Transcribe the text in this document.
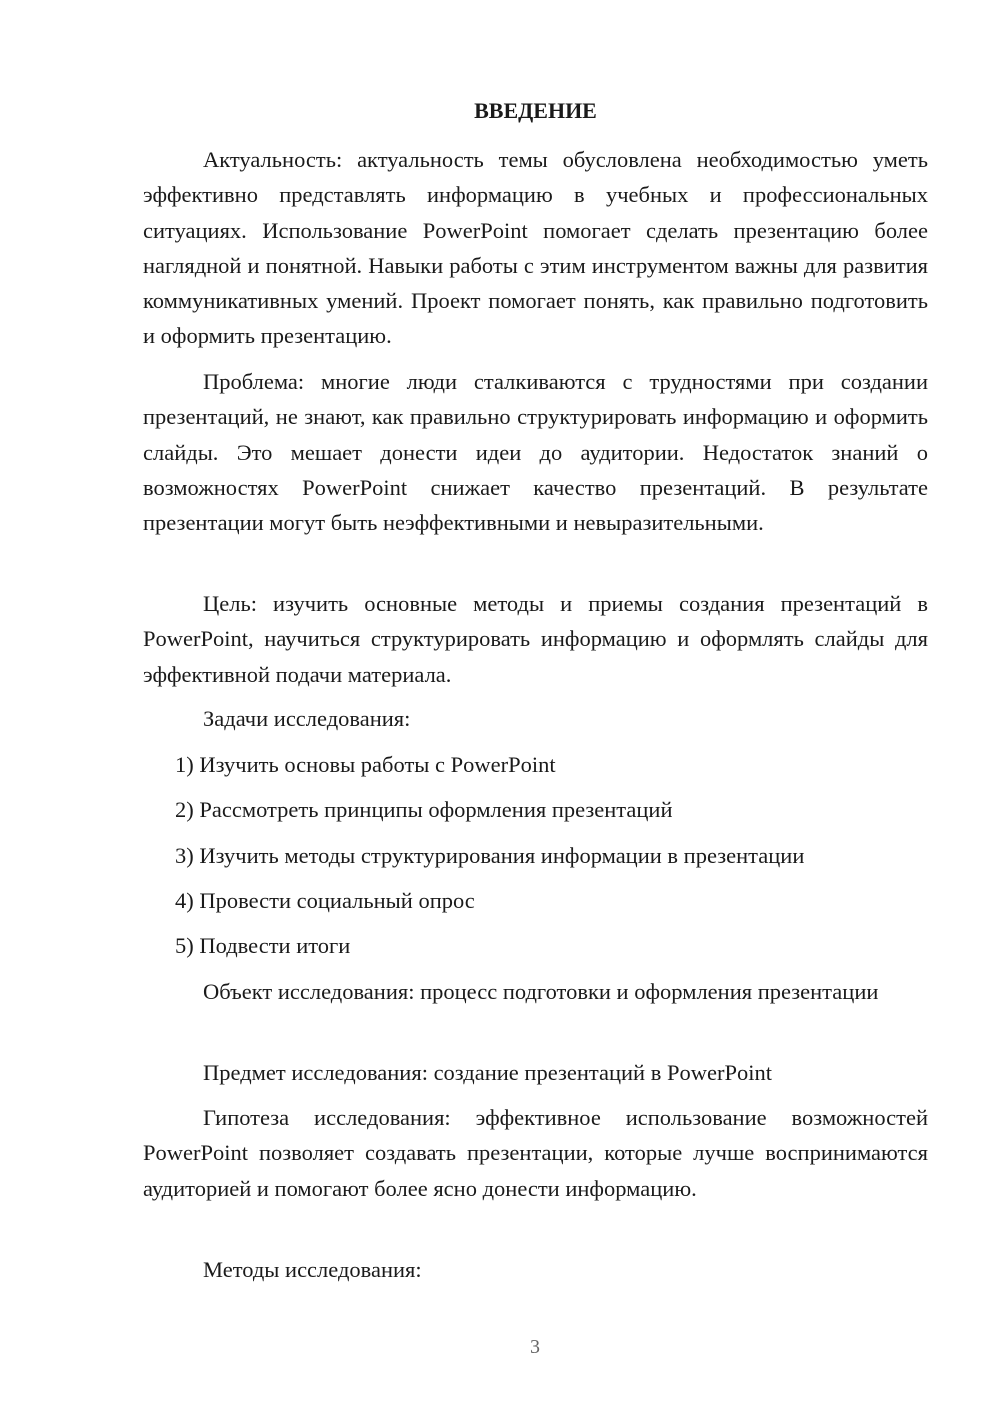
ВВЕДЕНИЕ

Актуальность: актуальность темы обусловлена необходимостью уметь эффективно представлять информацию в учебных и профессиональных ситуациях. Использование PowerPoint помогает сделать презентацию более наглядной и понятной. Навыки работы с этим инструментом важны для развития коммуникативных умений. Проект помогает понять, как правильно подготовить и оформить презентацию.

Проблема: многие люди сталкиваются с трудностями при создании презентаций, не знают, как правильно структурировать информацию и оформить слайды. Это мешает донести идеи до аудитории. Недостаток знаний о возможностях PowerPoint снижает качество презентаций. В результате презентации могут быть неэффективными и невыразительными.

Цель: изучить основные методы и приемы создания презентаций в PowerPoint, научиться структурировать информацию и оформлять слайды для эффективной подачи материала.

Задачи исследования:

1) Изучить основы работы с PowerPoint

2) Рассмотреть принципы оформления презентаций

3) Изучить методы структурирования информации в презентации

4) Провести социальный опрос

5) Подвести итоги

Объект исследования: процесс подготовки и оформления презентации

Предмет исследования: создание презентаций в PowerPoint

Гипотеза исследования: эффективное использование возможностей PowerPoint позволяет создавать презентации, которые лучше воспринимаются аудиторией и помогают более ясно донести информацию.

Методы исследования:

3
